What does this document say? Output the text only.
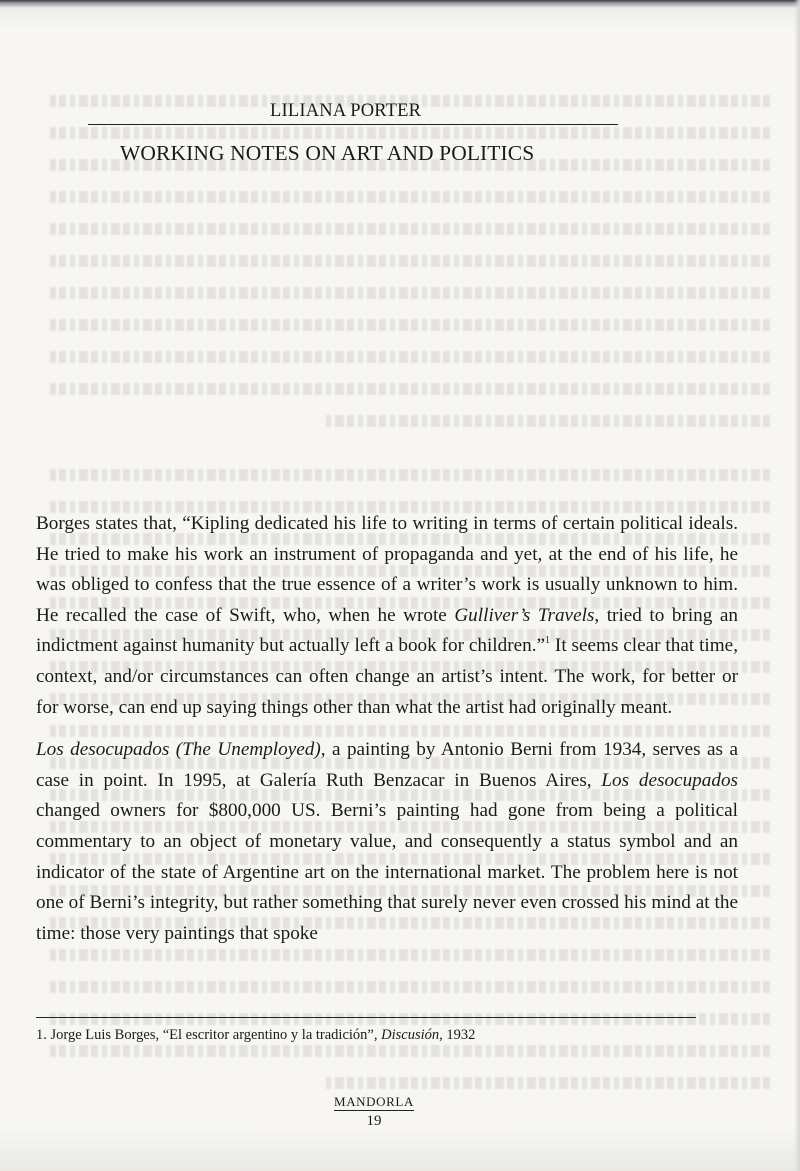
LILIANA PORTER
WORKING NOTES ON ART AND POLITICS

Borges states that, “Kipling dedicated his life to writing in terms of certain political ideals. He tried to make his work an instrument of propaganda and yet, at the end of his life, he was obliged to confess that the true essence of a writer’s work is usually unknown to him. He recalled the case of Swift, who, when he wrote Gulliver’s Travels, tried to bring an indictment against humanity but actually left a book for children.”$^1$ It seems clear that time, context, and/or circumstances can often change an artist’s intent. The work, for better or for worse, can end up saying things other than what the artist had originally meant.

Los desocupados (The Unemployed), a painting by Antonio Berni from 1934, serves as a case in point. In 1995, at Galería Ruth Benzacar in Buenos Aires, Los desocupados changed owners for $800,000 US. Berni’s painting had gone from being a political commentary to an object of monetary value, and consequently a status symbol and an indicator of the state of Argentine art on the international market. The problem here is not one of Berni’s integrity, but rather something that surely never even crossed his mind at the time: those very paintings that spoke

1. Jorge Luis Borges, “El escritor argentino y la tradición”, Discusión, 1932

MANDORLA

19
